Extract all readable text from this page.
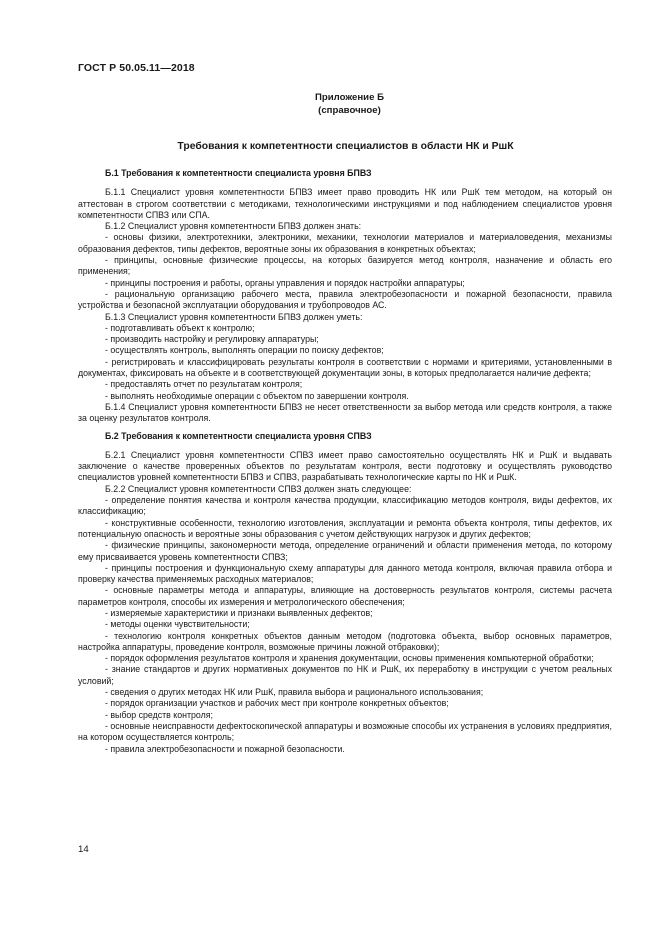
ГОСТ Р 50.05.11—2018
Приложение Б
(справочное)
Требования к компетентности специалистов в области НК и РшК

Б.1 Требования к компетентности специалиста уровня БПВЗ

Б.1.1 Специалист уровня компетентности БПВЗ имеет право проводить НК или РшК тем методом, на который он аттестован в строгом соответствии с методиками, технологическими инструкциями и под наблюдением специалистов уровня компетентности СПВЗ или СПА.

Б.1.2 Специалист уровня компетентности БПВЗ должен знать:

- основы физики, электротехники, электроники, механики, технологии материалов и материаловедения, механизмы образования дефектов, типы дефектов, вероятные зоны их образования в конкретных объектах;

- принципы, основные физические процессы, на которых базируется метод контроля, назначение и область его применения;

- принципы построения и работы, органы управления и порядок настройки аппаратуры;

- рациональную организацию рабочего места, правила электробезопасности и пожарной безопасности, правила устройства и безопасной эксплуатации оборудования и трубопроводов АС.

Б.1.3 Специалист уровня компетентности БПВЗ должен уметь:

- подготавливать объект к контролю;

- производить настройку и регулировку аппаратуры;

- осуществлять контроль, выполнять операции по поиску дефектов;

- регистрировать и классифицировать результаты контроля в соответствии с нормами и критериями, установленными в документах, фиксировать на объекте и в соответствующей документации зоны, в которых предполагается наличие дефекта;

- предоставлять отчет по результатам контроля;

- выполнять необходимые операции с объектом по завершении контроля.

Б.1.4 Специалист уровня компетентности БПВЗ не несет ответственности за выбор метода или средств контроля, а также за оценку результатов контроля.

Б.2 Требования к компетентности специалиста уровня СПВЗ

Б.2.1 Специалист уровня компетентности СПВЗ имеет право самостоятельно осуществлять НК и РшК и выдавать заключение о качестве проверенных объектов по результатам контроля, вести подготовку и осуществлять руководство специалистов уровней компетентности БПВЗ и СПВЗ, разрабатывать технологические карты по НК и РшК.

Б.2.2 Специалист уровня компетентности СПВЗ должен знать следующее:

- определение понятия качества и контроля качества продукции, классификацию методов контроля, виды дефектов, их классификацию;

- конструктивные особенности, технологию изготовления, эксплуатации и ремонта объекта контроля, типы дефектов, их потенциальную опасность и вероятные зоны образования с учетом действующих нагрузок и других дефектов;

- физические принципы, закономерности метода, определение ограничений и области применения метода, по которому ему присваивается уровень компетентности СПВЗ;

- принципы построения и функциональную схему аппаратуры для данного метода контроля, включая правила отбора и проверку качества применяемых расходных материалов;

- основные параметры метода и аппаратуры, влияющие на достоверность результатов контроля, системы расчета параметров контроля, способы их измерения и метрологического обеспечения;

- измеряемые характеристики и признаки выявленных дефектов;

- методы оценки чувствительности;

- технологию контроля конкретных объектов данным методом (подготовка объекта, выбор основных параметров, настройка аппаратуры, проведение контроля, возможные причины ложной отбраковки);

- порядок оформления результатов контроля и хранения документации, основы применения компьютерной обработки;

- знание стандартов и других нормативных документов по НК и РшК, их переработку в инструкции с учетом реальных условий;

- сведения о других методах НК или РшК, правила выбора и рационального использования;

- порядок организации участков и рабочих мест при контроле конкретных объектов;

- выбор средств контроля;

- основные неисправности дефектоскопической аппаратуры и возможные способы их устранения в условиях предприятия, на котором осуществляется контроль;

- правила электробезопасности и пожарной безопасности.

14
